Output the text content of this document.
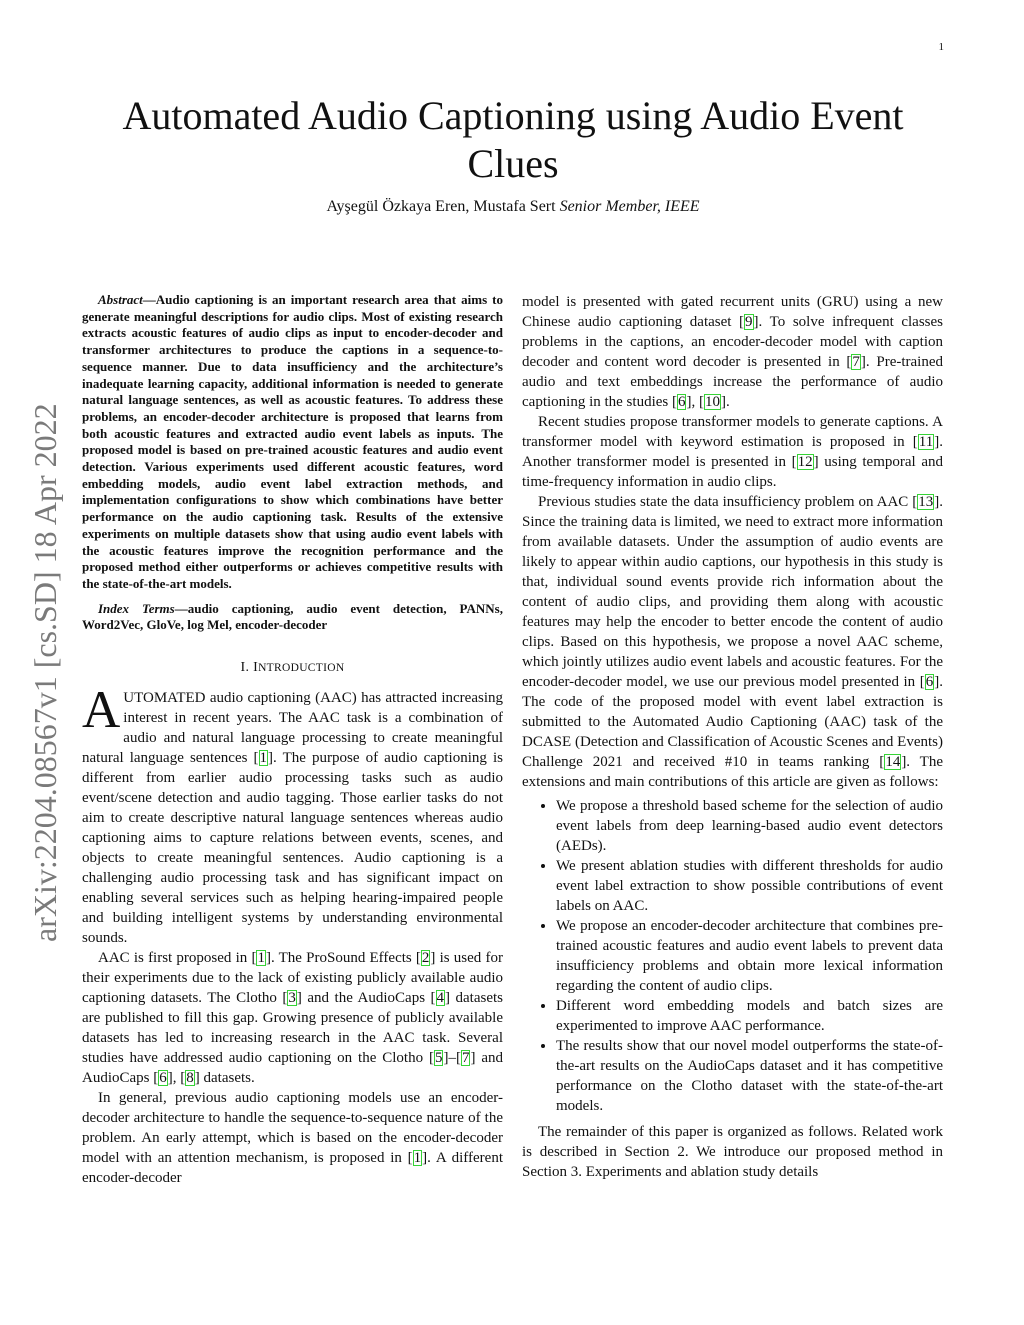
1
arXiv:2204.08567v1 [cs.SD] 18 Apr 2022
Automated Audio Captioning using Audio Event Clues
Ayşegül Özkaya Eren, Mustafa Sert Senior Member, IEEE

Abstract—Audio captioning is an important research area that aims to generate meaningful descriptions for audio clips. Most of existing research extracts acoustic features of audio clips as input to encoder-decoder and transformer architectures to produce the captions in a sequence-to-sequence manner. Due to data insufficiency and the architecture’s inadequate learning capacity, additional information is needed to generate natural language sentences, as well as acoustic features. To address these problems, an encoder-decoder architecture is proposed that learns from both acoustic features and extracted audio event labels as inputs. The proposed model is based on pre-trained acoustic features and audio event detection. Various experiments used different acoustic features, word embedding models, audio event label extraction methods, and implementation configurations to show which combinations have better performance on the audio captioning task. Results of the extensive experiments on multiple datasets show that using audio event labels with the acoustic features improve the recognition performance and the proposed method either outperforms or achieves competitive results with the state-of-the-art models.

Index Terms—audio captioning, audio event detection, PANNs, Word2Vec, GloVe, log Mel, encoder-decoder

I. INTRODUCTION

AUTOMATED audio captioning (AAC) has attracted increasing interest in recent years. The AAC task is a combination of audio and natural language processing to create meaningful natural language sentences [1]. The purpose of audio captioning is different from earlier audio processing tasks such as audio event/scene detection and audio tagging. Those earlier tasks do not aim to create descriptive natural language sentences whereas audio captioning aims to capture relations between events, scenes, and objects to create meaningful sentences. Audio captioning is a challenging audio processing task and has significant impact on enabling several services such as helping hearing-impaired people and building intelligent systems by understanding environmental sounds.

AAC is first proposed in [1]. The ProSound Effects [2] is used for their experiments due to the lack of existing publicly available audio captioning datasets. The Clotho [3] and the AudioCaps [4] datasets are published to fill this gap. Growing presence of publicly available datasets has led to increasing research in the AAC task. Several studies have addressed audio captioning on the Clotho [5]–[7] and AudioCaps [6], [8] datasets.

In general, previous audio captioning models use an encoder-decoder architecture to handle the sequence-to-sequence nature of the problem. An early attempt, which is based on the encoder-decoder model with an attention mechanism, is proposed in [1]. A different encoder-decoder

model is presented with gated recurrent units (GRU) using a new Chinese audio captioning dataset [9]. To solve infrequent classes problems in the captions, an encoder-decoder model with caption decoder and content word decoder is presented in [7]. Pre-trained audio and text embeddings increase the performance of audio captioning in the studies [6], [10].

Recent studies propose transformer models to generate captions. A transformer model with keyword estimation is proposed in [11]. Another transformer model is presented in [12] using temporal and time-frequency information in audio clips.

Previous studies state the data insufficiency problem on AAC [13]. Since the training data is limited, we need to extract more information from available datasets. Under the assumption of audio events are likely to appear within audio captions, our hypothesis in this study is that, individual sound events provide rich information about the content of audio clips, and providing them along with acoustic features may help the encoder to better encode the content of audio clips. Based on this hypothesis, we propose a novel AAC scheme, which jointly utilizes audio event labels and acoustic features. For the encoder-decoder model, we use our previous model presented in [6]. The code of the proposed model with event label extraction is submitted to the Automated Audio Captioning (AAC) task of the DCASE (Detection and Classification of Acoustic Scenes and Events) Challenge 2021 and received #10 in teams ranking [14]. The extensions and main contributions of this article are given as follows:

• We propose a threshold based scheme for the selection of audio event labels from deep learning-based audio event detectors (AEDs).
• We present ablation studies with different thresholds for audio event label extraction to show possible contributions of event labels on AAC.
• We propose an encoder-decoder architecture that combines pre-trained acoustic features and audio event labels to prevent data insufficiency problems and obtain more lexical information regarding the content of audio clips.
• Different word embedding models and batch sizes are experimented to improve AAC performance.
• The results show that our novel model outperforms the state-of-the-art results on the AudioCaps dataset and it has competitive performance on the Clotho dataset with the state-of-the-art models.

The remainder of this paper is organized as follows. Related work is described in Section 2. We introduce our proposed method in Section 3. Experiments and ablation study details
